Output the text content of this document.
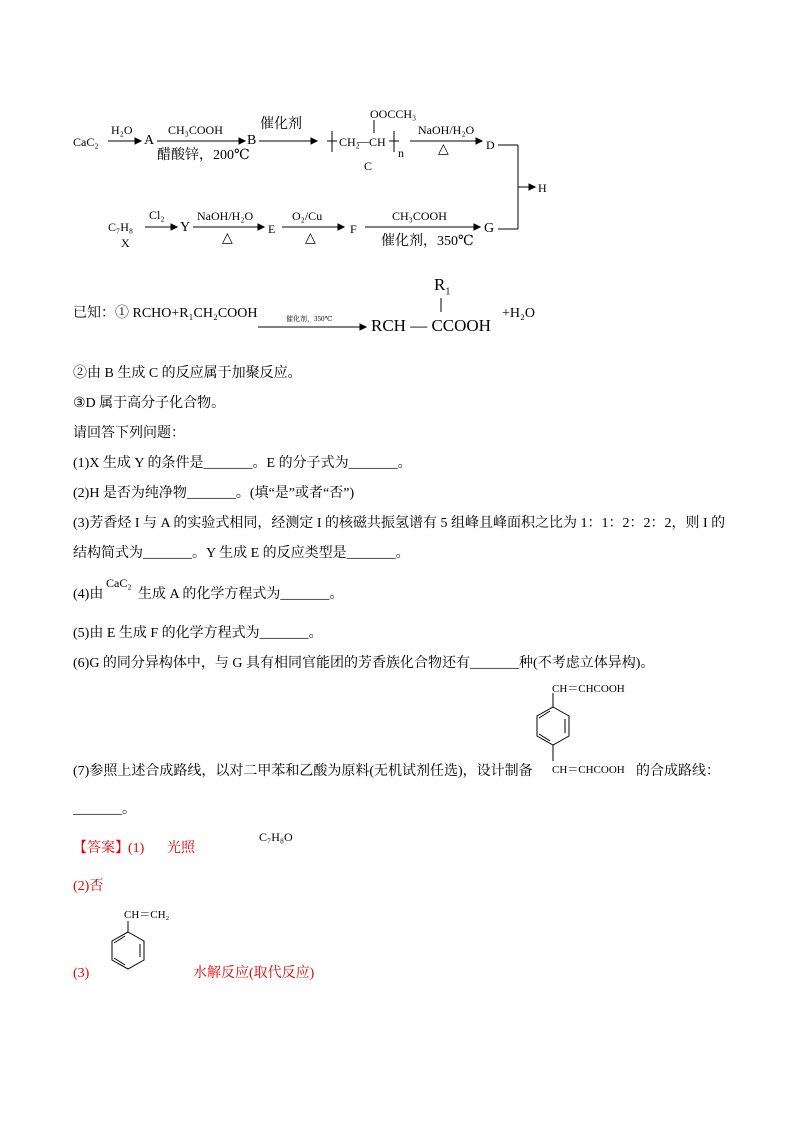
CaC₂
H₂O
A
CH₃COOH
醋酸锌，200℃
B
催化剂
OOCCH₃
CH₂
— CH
n
C
NaOH/H₂O
△	D
H
C₇H₈
X
Cl₂
Y
NaOH/H₂O
△
E
O₂/Cu
△
F
CH₃COOH
催化剂，350℃
G
已知：① RCHO+R₁CH₂COOH	催化剂，350℃
$R_1$
RCH — CCOOH
+H₂O
②由 B 生成 C 的反应属于加聚反应。
③D 属于高分子化合物。
请回答下列问题：
(1)X 生成 Y 的条件是_______。E 的分子式为_______。
(2)H 是否为纯净物_______。(填“是”或者“否”)
(3)芳香烃 I 与 A 的实验式相同，经测定 I 的核磁共振氢谱有 5 组峰且峰面积之比为 1：1：2：2：2，则 I 的
结构简式为_______。Y 生成 E 的反应类型是_______。
(4)由
CaC₂
生成 A 的化学方程式为_______。
(5)由 E 生成 F 的化学方程式为_______。
(6)G 的同分异构体中，与 G 具有相同官能团的芳香族化合物还有_______种(不考虑立体异构)。
CH＝CHCOOH
CH＝CHCOOH
(7)参照上述合成路线，以对二甲苯和乙酸为原料(无机试剂任选)，设计制备	的合成路线：
_______。
【答案】 (1) 光照
C₇H₈O
(2)否
CH＝CH₂
(3)	水解反应(取代反应)
